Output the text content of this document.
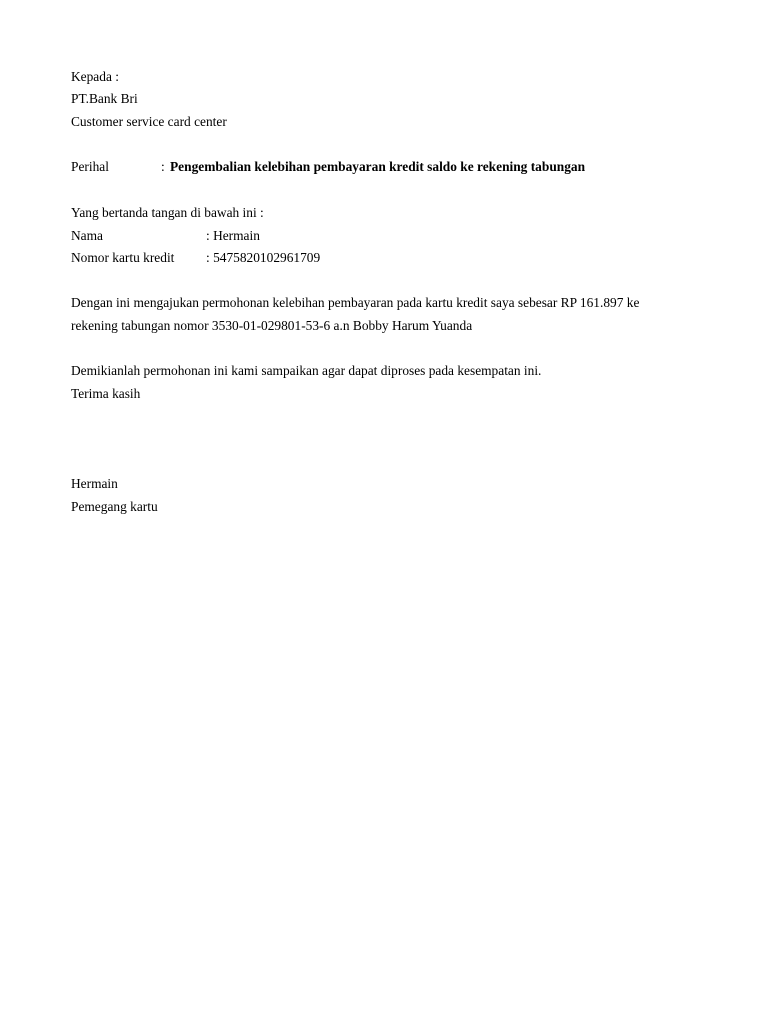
Kepada :
PT.Bank Bri
Customer service card center
Perihal	: Pengembalian kelebihan pembayaran kredit saldo ke rekening tabungan
Yang bertanda tangan di bawah ini :
Nama	: Hermain
Nomor kartu kredit : 5475820102961709
Dengan ini mengajukan permohonan kelebihan pembayaran pada kartu kredit saya sebesar RP 161.897 ke
rekening tabungan nomor 3530-01-029801-53-6 a.n Bobby Harum Yuanda
Demikianlah permohonan ini kami sampaikan agar dapat diproses pada kesempatan ini.
Terima kasih
Hermain
Pemegang kartu
